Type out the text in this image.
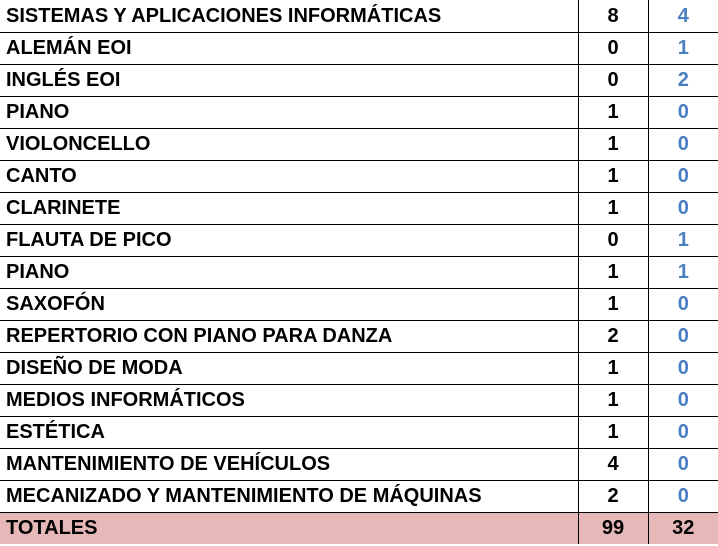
SISTEMAS Y APLICACIONES INFORMÁTICAS	8	4
ALEMÁN EOI	0	1
INGLÉS EOI	0	2
PIANO	1	0
VIOLONCELLO	1	0
CANTO	1	0
CLARINETE	1	0
FLAUTA DE PICO	0	1
PIANO	1	1
SAXOFÓN	1	0
REPERTORIO CON PIANO PARA DANZA	2	0
DISEÑO DE MODA	1	0
MEDIOS INFORMÁTICOS	1	0
ESTÉTICA	1	0
MANTENIMIENTO DE VEHÍCULOS	4	0
MECANIZADO Y MANTENIMIENTO DE MÁQUINAS	2	0
TOTALES	99	32
